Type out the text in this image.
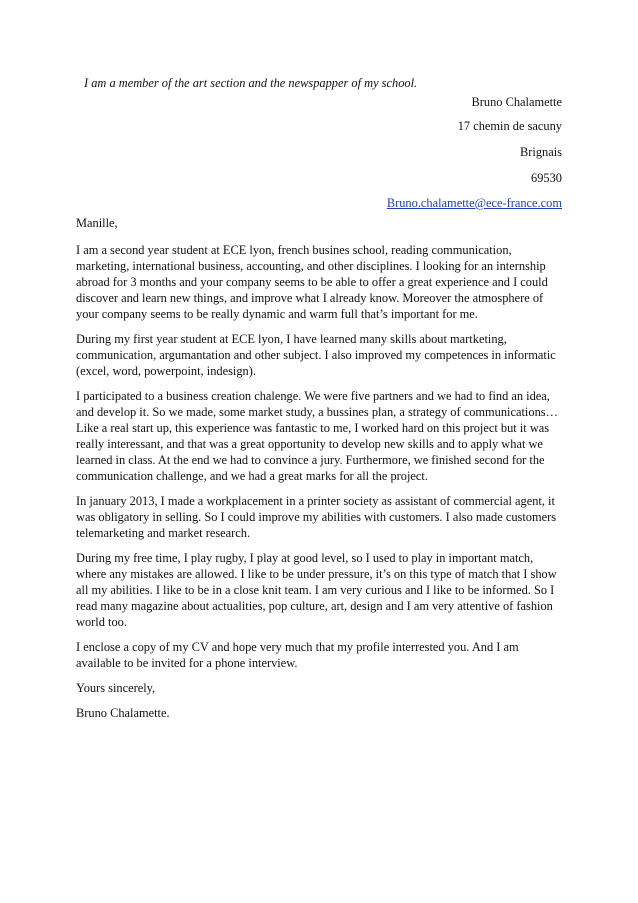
I am a member of the art section and the newspapper of my school.

Bruno Chalamette

17 chemin de sacuny

Brignais

69530

Bruno.chalamette@ece-france.com

Manille,

I am a second year student at ECE lyon, french busines school, reading communication, marketing, international business, accounting, and other disciplines. I looking for an internship abroad for 3 months and your company seems to be able to offer a great experience and I could discover and learn new things, and improve what I already know. Moreover the atmosphere of your company seems to be really dynamic and warm full that’s important for me.

During my first year student at ECE lyon, I have learned many skills about martketing, communication, argumantation and other subject. I also improved my competences in informatic (excel, word, powerpoint, indesign).

I participated to a business creation chalenge. We were five partners and we had to find an idea, and develop it. So we made, some market study, a bussines plan, a strategy of communications… Like a real start up, this experience was fantastic to me, I worked hard on this project but it was really interessant, and that was a great opportunity to develop new skills and to apply what we learned in class. At the end we had to convince a jury. Furthermore, we finished second for the communication challenge, and we had a great marks for all the project.

In january 2013, I made a workplacement in a printer society as assistant of commercial agent, it was obligatory in selling. So I could improve my abilities with customers. I also made customers telemarketing and market research.

During my free time, I play rugby, I play at good level, so I used to play in important match, where any mistakes are allowed. I like to be under pressure, it’s on this type of match that I show all my abilities. I like to be in a close knit team. I am very curious and I like to be informed. So I read many magazine about actualities, pop culture, art, design and I am very attentive of fashion world too.

I enclose a copy of my CV and hope very much that my profile interrested you. And I am available to be invited for a phone interview.

Yours sincerely,

Bruno Chalamette.
